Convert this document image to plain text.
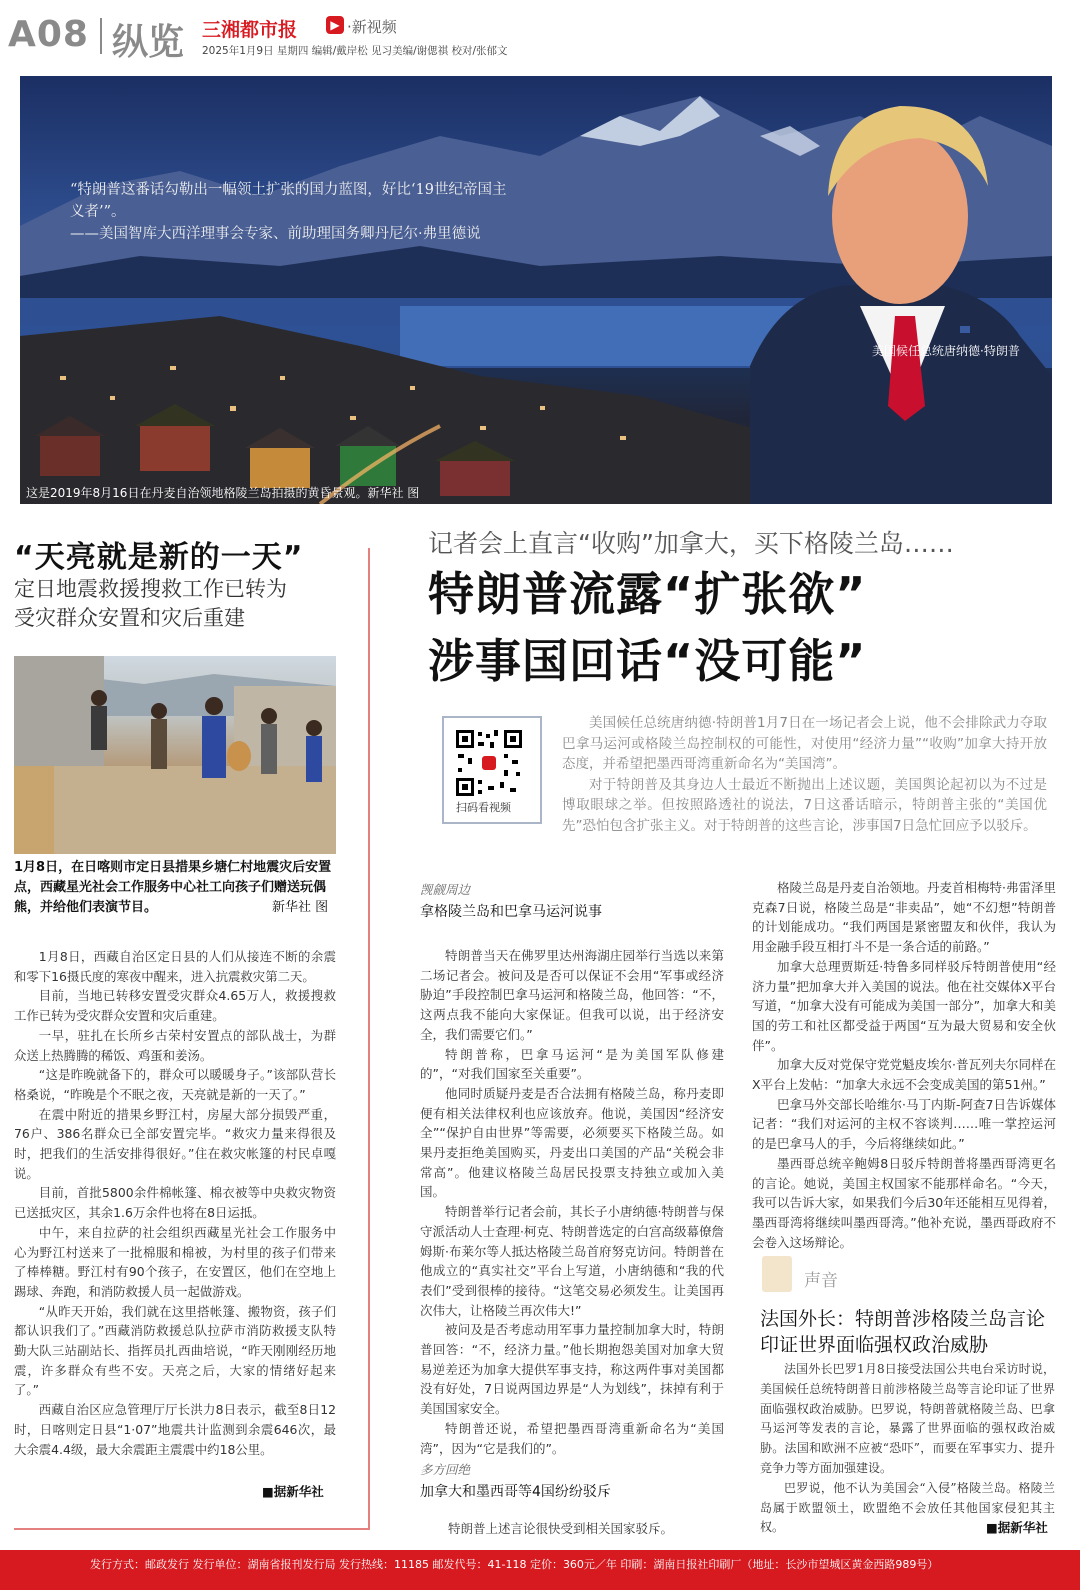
A08 纵览 三湘都市报	▶ ·新视频
2025年1月9日 星期四 编辑/戴岸松 见习美编/谢偲祺 校对/张郁文
“特朗普这番话勾勒出一幅领土扩张的国力蓝图，好比‘19世纪帝国主义者’”。
——美国智库大西洋理事会专家、前助理国务卿丹尼尔·弗里德说
美国候任总统唐纳德·特朗普
这是2019年8月16日在丹麦自治领地格陵兰岛拍摄的黄昏景观。新华社 图
“天亮就是新的一天”
定日地震救援搜救工作已转为
受灾群众安置和灾后重建
1月8日，在日喀则市定日县措果乡塘仁村地震灾后安置点，西藏星光社会工作服务中心社工向孩子们赠送玩偶熊，并给他们表演节目。	新华社 图

1月8日，西藏自治区定日县的人们从接连不断的余震和零下16摄氏度的寒夜中醒来，进入抗震救灾第二天。

目前，当地已转移安置受灾群众4.65万人，救援搜救工作已转为受灾群众安置和灾后重建。

一早，驻扎在长所乡古荣村安置点的部队战士，为群众送上热腾腾的稀饭、鸡蛋和姜汤。

“这是昨晚就备下的，群众可以暖暖身子。”该部队营长格桑说，“昨晚是个不眠之夜，天亮就是新的一天了。”

在震中附近的措果乡野江村，房屋大部分损毁严重，76户、386名群众已全部安置完毕。“救灾力量来得很及时，把我们的生活安排得很好。”住在救灾帐篷的村民卓嘎说。

目前，首批5800余件棉帐篷、棉衣被等中央救灾物资已送抵灾区，其余1.6万余件也将在8日运抵。

中午，来自拉萨的社会组织西藏星光社会工作服务中心为野江村送来了一批棉服和棉被，为村里的孩子们带来了棒棒糖。野江村有90个孩子，在安置区，他们在空地上踢球、奔跑，和消防救援人员一起做游戏。

“从昨天开始，我们就在这里搭帐篷、搬物资，孩子们都认识我们了。”西藏消防救援总队拉萨市消防救援支队特勤大队三站副站长、指挥员扎西曲培说，“昨天刚刚经历地震，许多群众有些不安。天亮之后，大家的情绪好起来了。”

西藏自治区应急管理厅厅长洪力8日表示，截至8日12时，日喀则定日县“1·07”地震共计监测到余震646次，最大余震4.4级，最大余震距主震震中约18公里。

■据新华社
记者会上直言“收购”加拿大，买下格陵兰岛……
特朗普流露“扩张欲”
涉事国回话“没可能”
扫码看视频

美国候任总统唐纳德·特朗普1月7日在一场记者会上说，他不会排除武力夺取巴拿马运河或格陵兰岛控制权的可能性，对使用“经济力量”“收购”加拿大持开放态度，并希望把墨西哥湾重新命名为“美国湾”。

对于特朗普及其身边人士最近不断抛出上述议题，美国舆论起初以为不过是博取眼球之举。但按照路透社的说法，7日这番话暗示，特朗普主张的“美国优先”恐怕包含扩张主义。对于特朗普的这些言论，涉事国7日急忙回应予以驳斥。

觊觎周边
拿格陵兰岛和巴拿马运河说事

特朗普当天在佛罗里达州海湖庄园举行当选以来第二场记者会。被问及是否可以保证不会用“军事或经济胁迫”手段控制巴拿马运河和格陵兰岛，他回答：“不，这两点我不能向大家保证。但我可以说，出于经济安全，我们需要它们。”

特朗普称，巴拿马运河“是为美国军队修建的”，“对我们国家至关重要”。

他同时质疑丹麦是否合法拥有格陵兰岛，称丹麦即便有相关法律权利也应该放弃。他说，美国因“经济安全”“保护自由世界”等需要，必须要买下格陵兰岛。如果丹麦拒绝美国购买，丹麦出口美国的产品“关税会非常高”。他建议格陵兰岛居民投票支持独立或加入美国。

特朗普举行记者会前，其长子小唐纳德·特朗普与保守派活动人士查理·柯克、特朗普选定的白宫高级幕僚詹姆斯·布莱尔等人抵达格陵兰岛首府努克访问。特朗普在他成立的“真实社交”平台上写道，小唐纳德和“我的代表们”受到很棒的接待。“这笔交易必须发生。让美国再次伟大，让格陵兰再次伟大!”

被问及是否考虑动用军事力量控制加拿大时，特朗普回答：“不，经济力量。”他长期抱怨美国对加拿大贸易逆差还为加拿大提供军事支持，称这两件事对美国都没有好处，7日说两国边界是“人为划线”，抹掉有利于美国国家安全。

特朗普还说，希望把墨西哥湾重新命名为“美国湾”，因为“它是我们的”。

多方回绝
加拿大和墨西哥等4国纷纷驳斥
特朗普上述言论很快受到相关国家驳斥。

格陵兰岛是丹麦自治领地。丹麦首相梅特·弗雷泽里克森7日说，格陵兰岛是“非卖品”，她“不幻想”特朗普的计划能成功。“我们两国是紧密盟友和伙伴，我认为用金融手段互相打斗不是一条合适的前路。”

加拿大总理贾斯廷·特鲁多同样驳斥特朗普使用“经济力量”把加拿大并入美国的说法。他在社交媒体X平台写道，“加拿大没有可能成为美国一部分”，加拿大和美国的劳工和社区都受益于两国“互为最大贸易和安全伙伴”。

加拿大反对党保守党党魁皮埃尔·普瓦列夫尔同样在X平台上发帖：“加拿大永远不会变成美国的第51州。”

巴拿马外交部长哈维尔·马丁内斯-阿查7日告诉媒体记者：“我们对运河的主权不容谈判……唯一掌控运河的是巴拿马人的手，今后将继续如此。”

墨西哥总统辛鲍姆8日驳斥特朗普将墨西哥湾更名的言论。她说，美国主权国家不能那样命名。“今天，我可以告诉大家，如果我们今后30年还能相互见得着，墨西哥湾将继续叫墨西哥湾。”他补充说，墨西哥政府不会卷入这场辩论。

声音
法国外长：特朗普涉格陵兰岛言论
印证世界面临强权政治威胁

法国外长巴罗1月8日接受法国公共电台采访时说，美国候任总统特朗普日前涉格陵兰岛等言论印证了世界面临强权政治威胁。巴罗说，特朗普就格陵兰岛、巴拿马运河等发表的言论，暴露了世界面临的强权政治威胁。法国和欧洲不应被“恐吓”，而要在军事实力、提升竞争力等方面加强建设。

巴罗说，他不认为美国会“入侵”格陵兰岛。格陵兰岛属于欧盟领土，欧盟绝不会放任其他国家侵犯其主权。	■据新华社
发行方式：邮政发行 发行单位：湖南省报刊发行局 发行热线：11185 邮发代号：41-118 定价：360元／年 印刷：湖南日报社印刷厂（地址：长沙市望城区黄金西路989号）
